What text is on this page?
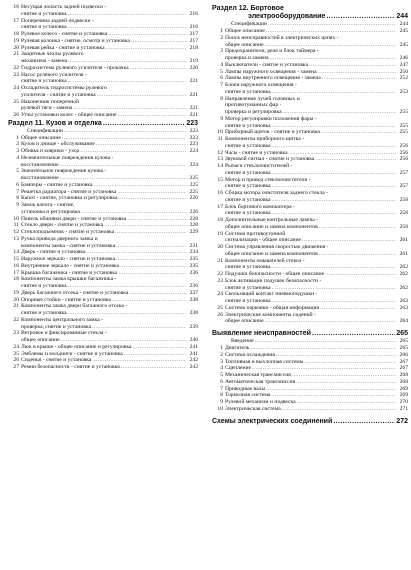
16 Несущая лопасть задней подвески -
снятие и установка .....	216
17 Поперечина задней подвески -
снятие и установка .....	216
18 Рулевое колесо - снятие и установка .....	217
19 Рулевая колонка - снятие, осмотр и установка .....	217
20 Рулевая рейка - снятие и установка .....	218
21 Защитные чехлы рулевого
механизма - замена .....	219
22 Гидросистема рулевого усилителя - прокачка .....	220
23 Насос рулевого усилителя -
снятие и установка .....	221
24 Охладитель гидросистемы рулевого
усилителя - снятие и установка .....	221
25 Наконечник поперечной
рулевой тяги - замена .....	221
26 Углы установки колес - общее описание .....	221
Раздел 11. Кузов и отделка .....	223
Спецификации .....	223
1 Общее описание .....	223
2 Кузов и днище - обслуживание .....	223
3 Обивка и коврики - уход .....	224
4 Незначительные повреждения кузова -
восстановление .....	224
5 Значительное повреждение кузова -
восстановление .....	225
6 Бамперы - снятие и установка .....	225
7 Решетка радиатора - снятие и установка .....	225
8 Капот - снятие, установка и регулировка .....	226
9 Замок капота - снятие,
установка и регулировка .....	226
10 Панель обшивки двери - снятие и установка .....	228
11 Стекло двери - снятие и установка .....	228
12 Стеклоподъемник - снятие и установка .....	229
13 Ручка привода дверного замка и
компоненты замка - снятие и установка .....	231
14 Дверь - снятие и установка .....	234
15 Наружное зеркало - снятие и установка .....	235
16 Внутреннее зеркало - снятие и установка .....	235
17 Крышка багажника - снятие и установка .....	236
18 Компоненты замка крышки багажника -
снятие и установка .....	236
19 Дверь багажного отсека - снятие и установка .....	237
20 Опорные стойки - снятие и установка .....	238
21 Компоненты замка двери багажного отсека -
снятие и установка .....	238
22 Компоненты центрального замка -
проверка, снятие и установка .....	239
23 Ветровое и фиксированные стекла -
общее описание .....	240
24 Люк в крыше - общее описание и регулировка .....	241
25 Эмблемы и молдинги - снятие и установка .....	241
26 Сиденья - снятие и установка .....	242
27 Ремни безопасности - снятие и установка .....	242
Раздел 12. Бортовое
электрооборудование .....	244
Спецификации .....	244
1 Общее описание .....	245
2 Поиск неисправностей в электрических цепях -
общее описание .....	245
3 Предохранители, реле и блок таймера -
проверка и замена .....	246
4 Выключатели - снятие и установка .....	247
5 Лампы наружного освещения - замена .....	250
6 Лампы внутреннего освещения - замена .....	252
7 Блоки наружного освещения -
снятие и установка .....	253
8 Направление лучей головных и
противотуманных фар -
проверка и регулировка .....	255
9 Мотор регулировки положения фары -
снятие и установка .....	255
10 Приборный щиток - снятие и установка .....	255
11 Компоненты приборного щитка -
снятие и установка .....	256
12 Часы - снятие и установка .....	256
13 Звуковой сигнал - снятие и установка .....	256
14 Рычаги стеклоочистителей -
снятие и установка .....	257
15 Мотор и привод стеклоочистителя -
снятие и установка .....	257
16 Сборка мотора очистителя заднего стекла -
снятие и установка .....	258
17 Блок бортового компьютера -
снятие и установка .....	258
18 Дополнительные контрольные лампы -
общее описание и замена компонентов .....	258
19 Система противоугонной
сигнализации - общее описание .....	261
20 Система управления скоростью движения -
общее описание и замена компонентов .....	261
21 Компоненты омывателей стекол -
снятие и установка .....	262
22 Подушки безопасности - общее описание .....	262
23 Блок активации подушек безопасности -
снятие и установка .....	262
24 Скользящий контакт пневмоподушки -
снятие и установка .....	263
25 Система парковки - общая информация .....	263
26 Электрические компоненты сидений -
общее описание .....	264
Выявление неисправностей .....	265
Введение .....	265
1 Двигатель .....	265
2 Система охлаждения .....	266
3 Топливная и выхлопная системы .....	267
4 Сцепление .....	267
5 Механическая трансмиссия .....	268
6 Автоматическая трансмиссия .....	268
7 Приводные валы .....	269
8 Тормозная система .....	269
9 Рулевой механизм и подвеска .....	270
10 Электрическая система .....	271
Схемы электрических соединений .....	272
